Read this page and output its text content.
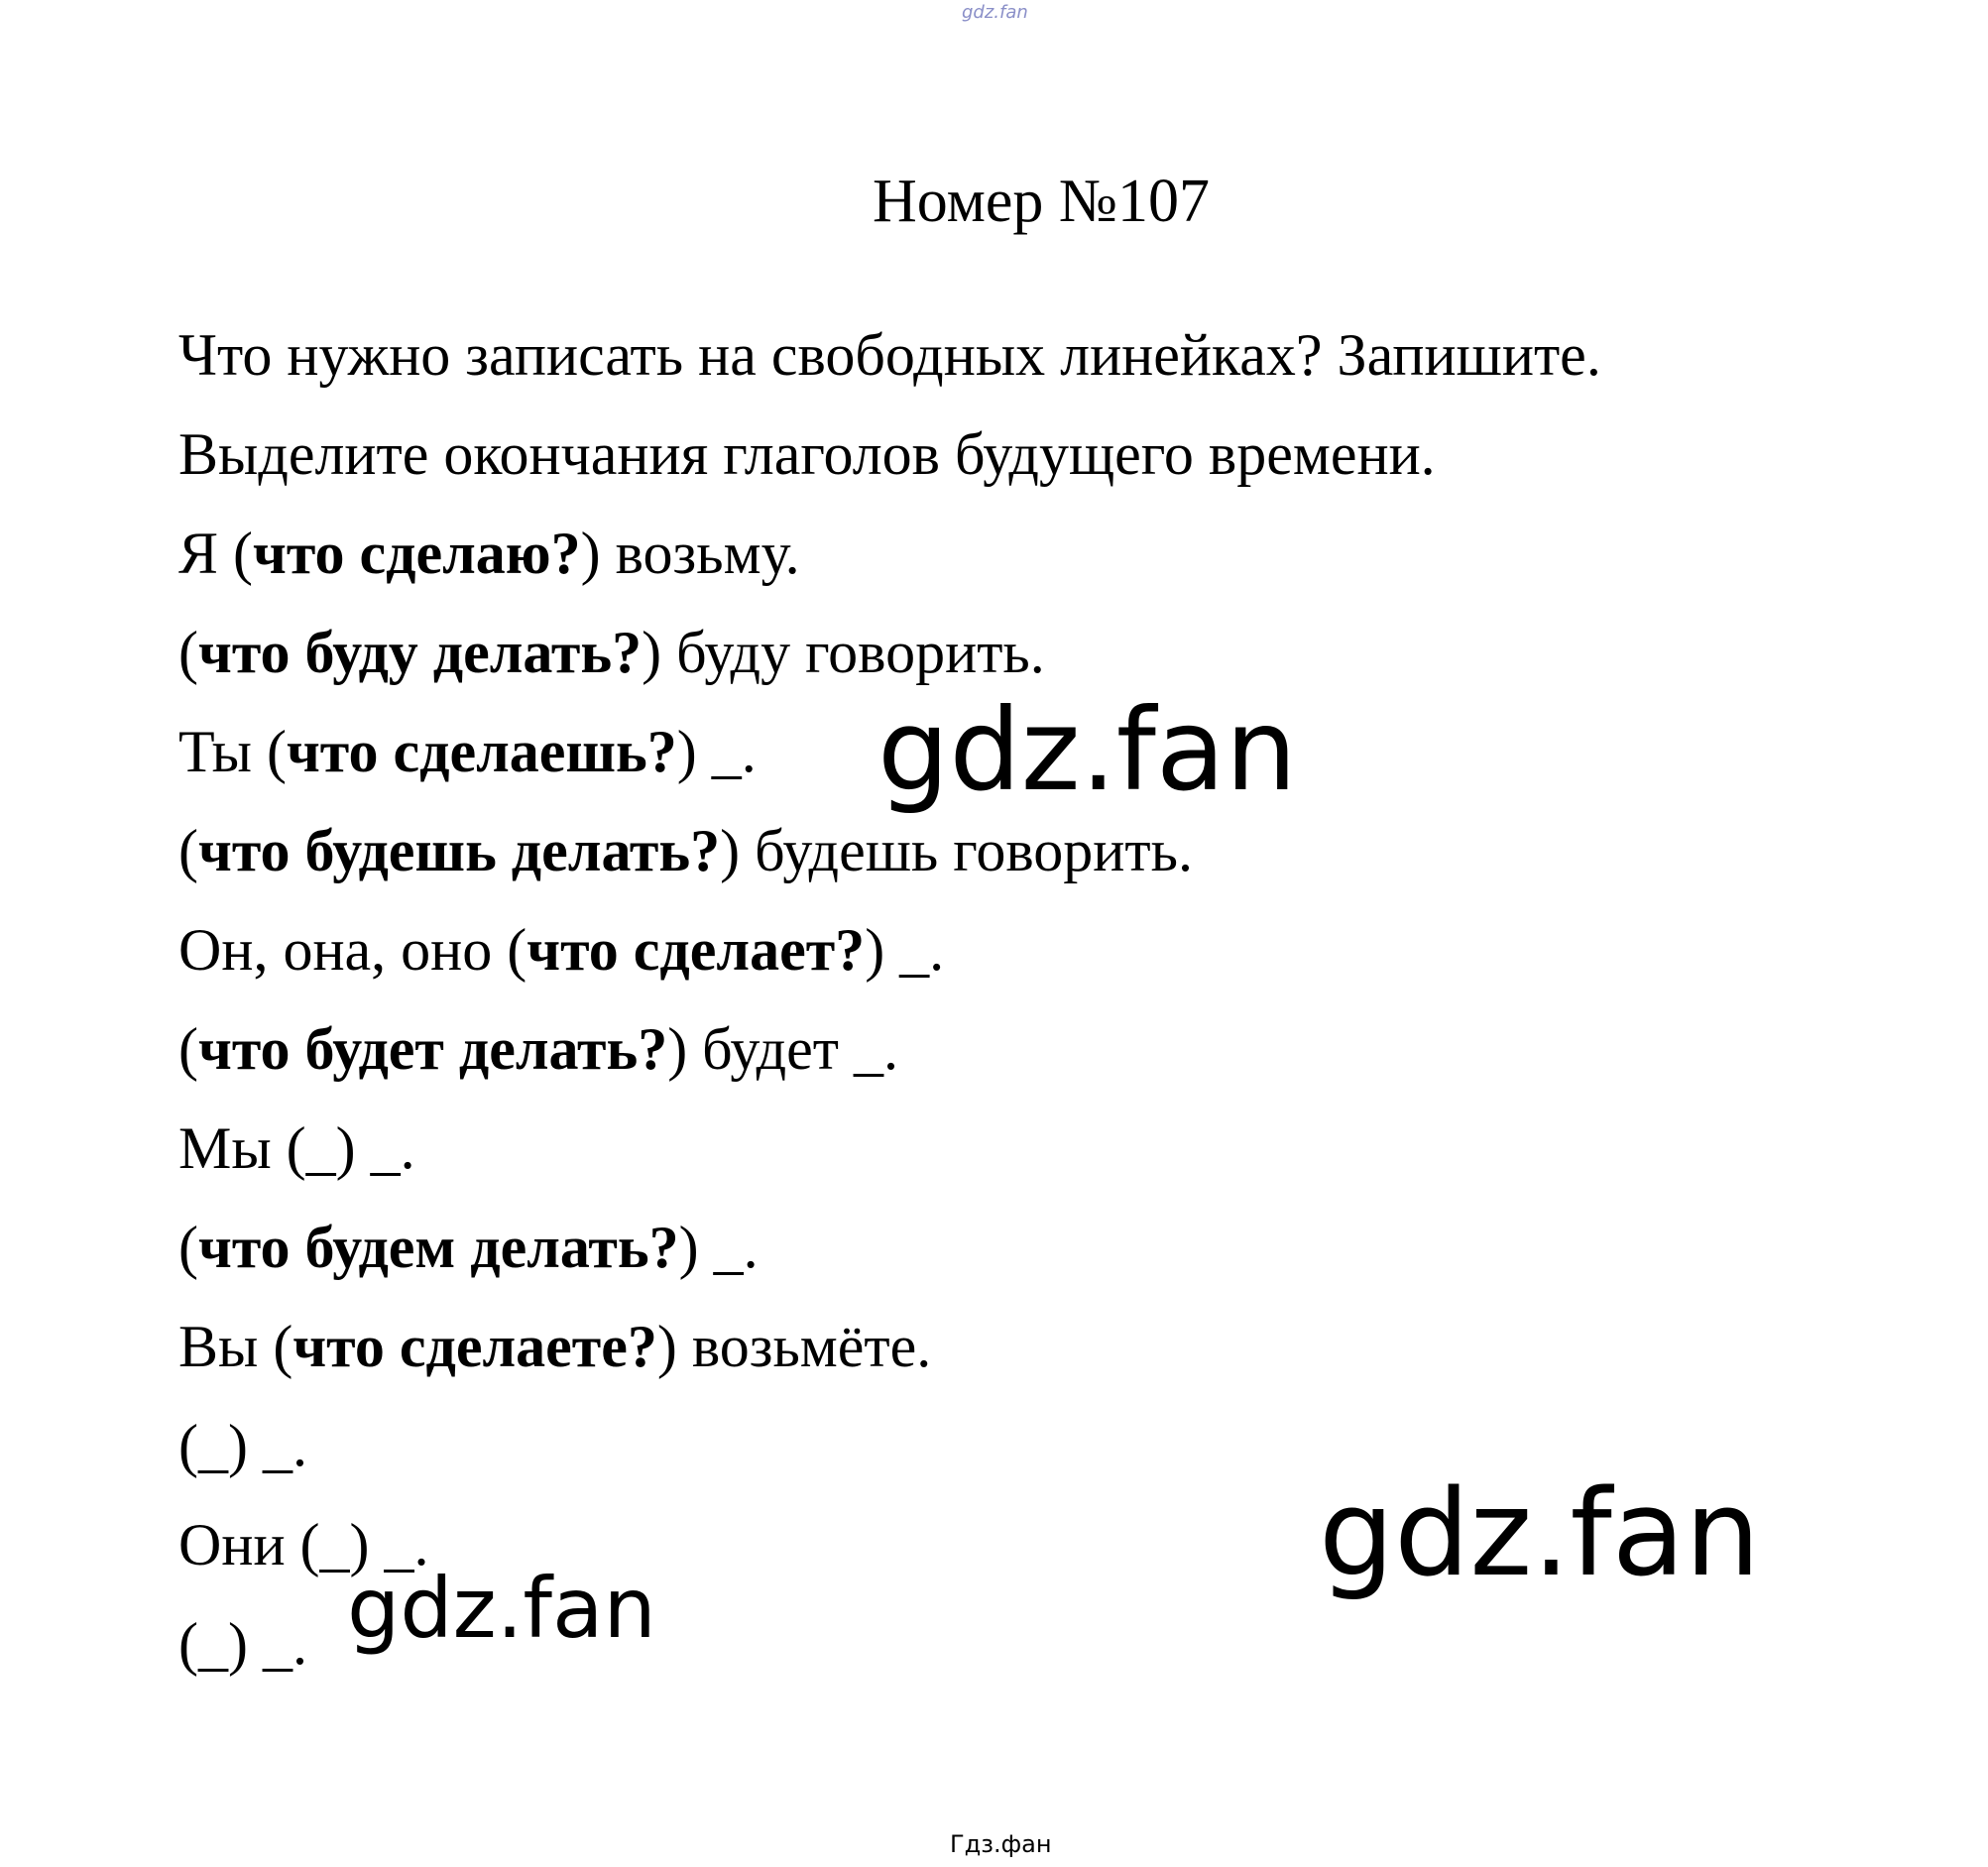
gdz.fan
Номер №107
Что нужно записать на свободных линейках? Запишите.
Выделите окончания глаголов будущего времени.
Я (что сделаю?) возьму.
(что буду делать?) буду говорить.
Ты (что сделаешь?) _.
(что будешь делать?) будешь говорить.
Он, она, оно (что сделает?) _.
(что будет делать?) будет _.
Мы (_) _.
(что будем делать?) _.
Вы (что сделаете?) возьмёте.
(_) _.
Они (_) _.
(_) _.
gdz.fan
gdz.fan
gdz.fan
Гдз.фан
